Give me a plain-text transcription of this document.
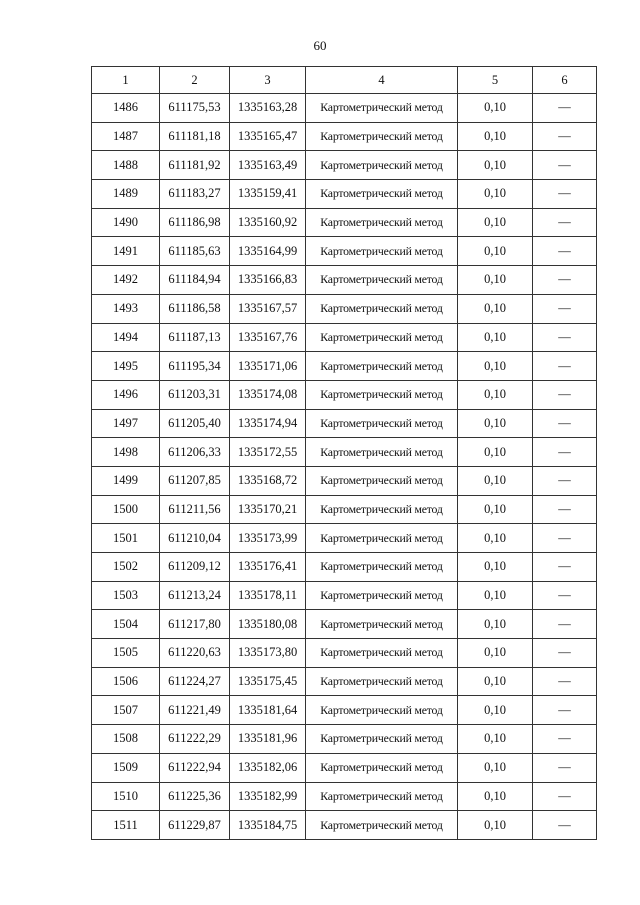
60
1	2	3	4	5	6
1486	611175,53	1335163,28	Картометрический метод	0,10	—
1487	611181,18	1335165,47	Картометрический метод	0,10	—
1488	611181,92	1335163,49	Картометрический метод	0,10	—
1489	611183,27	1335159,41	Картометрический метод	0,10	—
1490	611186,98	1335160,92	Картометрический метод	0,10	—
1491	611185,63	1335164,99	Картометрический метод	0,10	—
1492	611184,94	1335166,83	Картометрический метод	0,10	—
1493	611186,58	1335167,57	Картометрический метод	0,10	—
1494	611187,13	1335167,76	Картометрический метод	0,10	—
1495	611195,34	1335171,06	Картометрический метод	0,10	—
1496	611203,31	1335174,08	Картометрический метод	0,10	—
1497	611205,40	1335174,94	Картометрический метод	0,10	—
1498	611206,33	1335172,55	Картометрический метод	0,10	—
1499	611207,85	1335168,72	Картометрический метод	0,10	—
1500	611211,56	1335170,21	Картометрический метод	0,10	—
1501	611210,04	1335173,99	Картометрический метод	0,10	—
1502	611209,12	1335176,41	Картометрический метод	0,10	—
1503	611213,24	1335178,11	Картометрический метод	0,10	—
1504	611217,80	1335180,08	Картометрический метод	0,10	—
1505	611220,63	1335173,80	Картометрический метод	0,10	—
1506	611224,27	1335175,45	Картометрический метод	0,10	—
1507	611221,49	1335181,64	Картометрический метод	0,10	—
1508	611222,29	1335181,96	Картометрический метод	0,10	—
1509	611222,94	1335182,06	Картометрический метод	0,10	—
1510	611225,36	1335182,99	Картометрический метод	0,10	—
1511	611229,87	1335184,75	Картометрический метод	0,10	—
